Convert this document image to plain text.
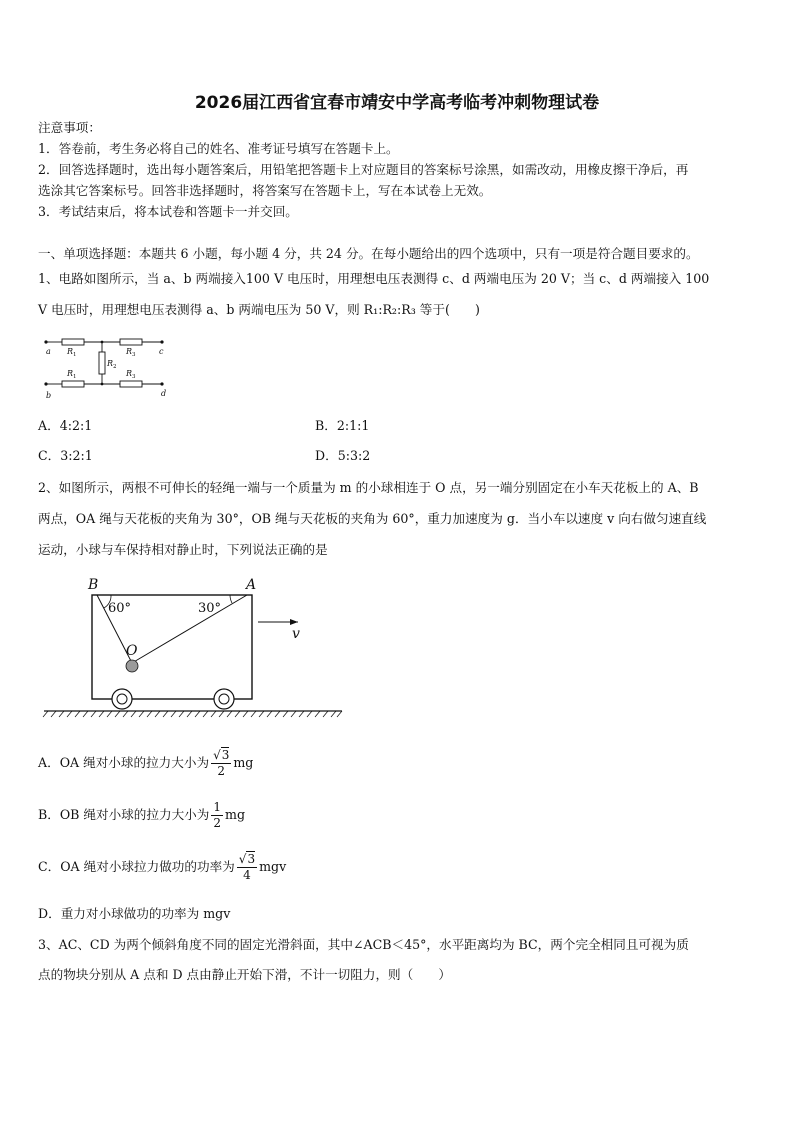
2026届江西省宜春市靖安中学高考临考冲刺物理试卷
注意事项：
1．答卷前，考生务必将自己的姓名、准考证号填写在答题卡上。
2．回答选择题时，选出每小题答案后，用铅笔把答题卡上对应题目的答案标号涂黑，如需改动，用橡皮擦干净后，再
选涂其它答案标号。回答非选择题时，将答案写在答题卡上，写在本试卷上无效。
3．考试结束后，将本试卷和答题卡一并交回。
一、单项选择题：本题共 6 小题，每小题 4 分，共 24 分。在每小题给出的四个选项中，只有一项是符合题目要求的。
1、电路如图所示，当 a、b 两端接入100 V 电压时，用理想电压表测得 c、d 两端电压为 20 V；当 c、d 两端接入 100
V 电压时，用理想电压表测得 a、b 两端电压为 50 V，则 R₁:R₂:R₃ 等于(　　)
a	c
b	d
R
R
R
R
R
1
1
3
3
2
A．4:2:1	B．2:1:1
C．3:2:1	D．5:3:2
2、如图所示，两根不可伸长的轻绳一端与一个质量为 m 的小球相连于 O 点，另一端分别固定在小车天花板上的 A、B
两点，OA 绳与天花板的夹角为 30°，OB 绳与天花板的夹角为 60°，重力加速度为 g．当小车以速度 v 向右做匀速直线
运动，小球与车保持相对静止时，下列说法正确的是
B	A
60°	30°
O
v
A．OA 绳对小球的拉力大小为 $\frac{√3}{2}$ mg
B．OB 绳对小球的拉力大小为 $\frac{1}{2}$ mg
C．OA 绳对小球拉力做功的功率为 $\frac{√3}{4}$ mgv
D．重力对小球做功的功率为 mgv
3、AC、CD 为两个倾斜角度不同的固定光滑斜面，其中∠ACB＜45°，水平距离均为 BC，两个完全相同且可视为质
点的物块分别从 A 点和 D 点由静止开始下滑，不计一切阻力，则（　　）
